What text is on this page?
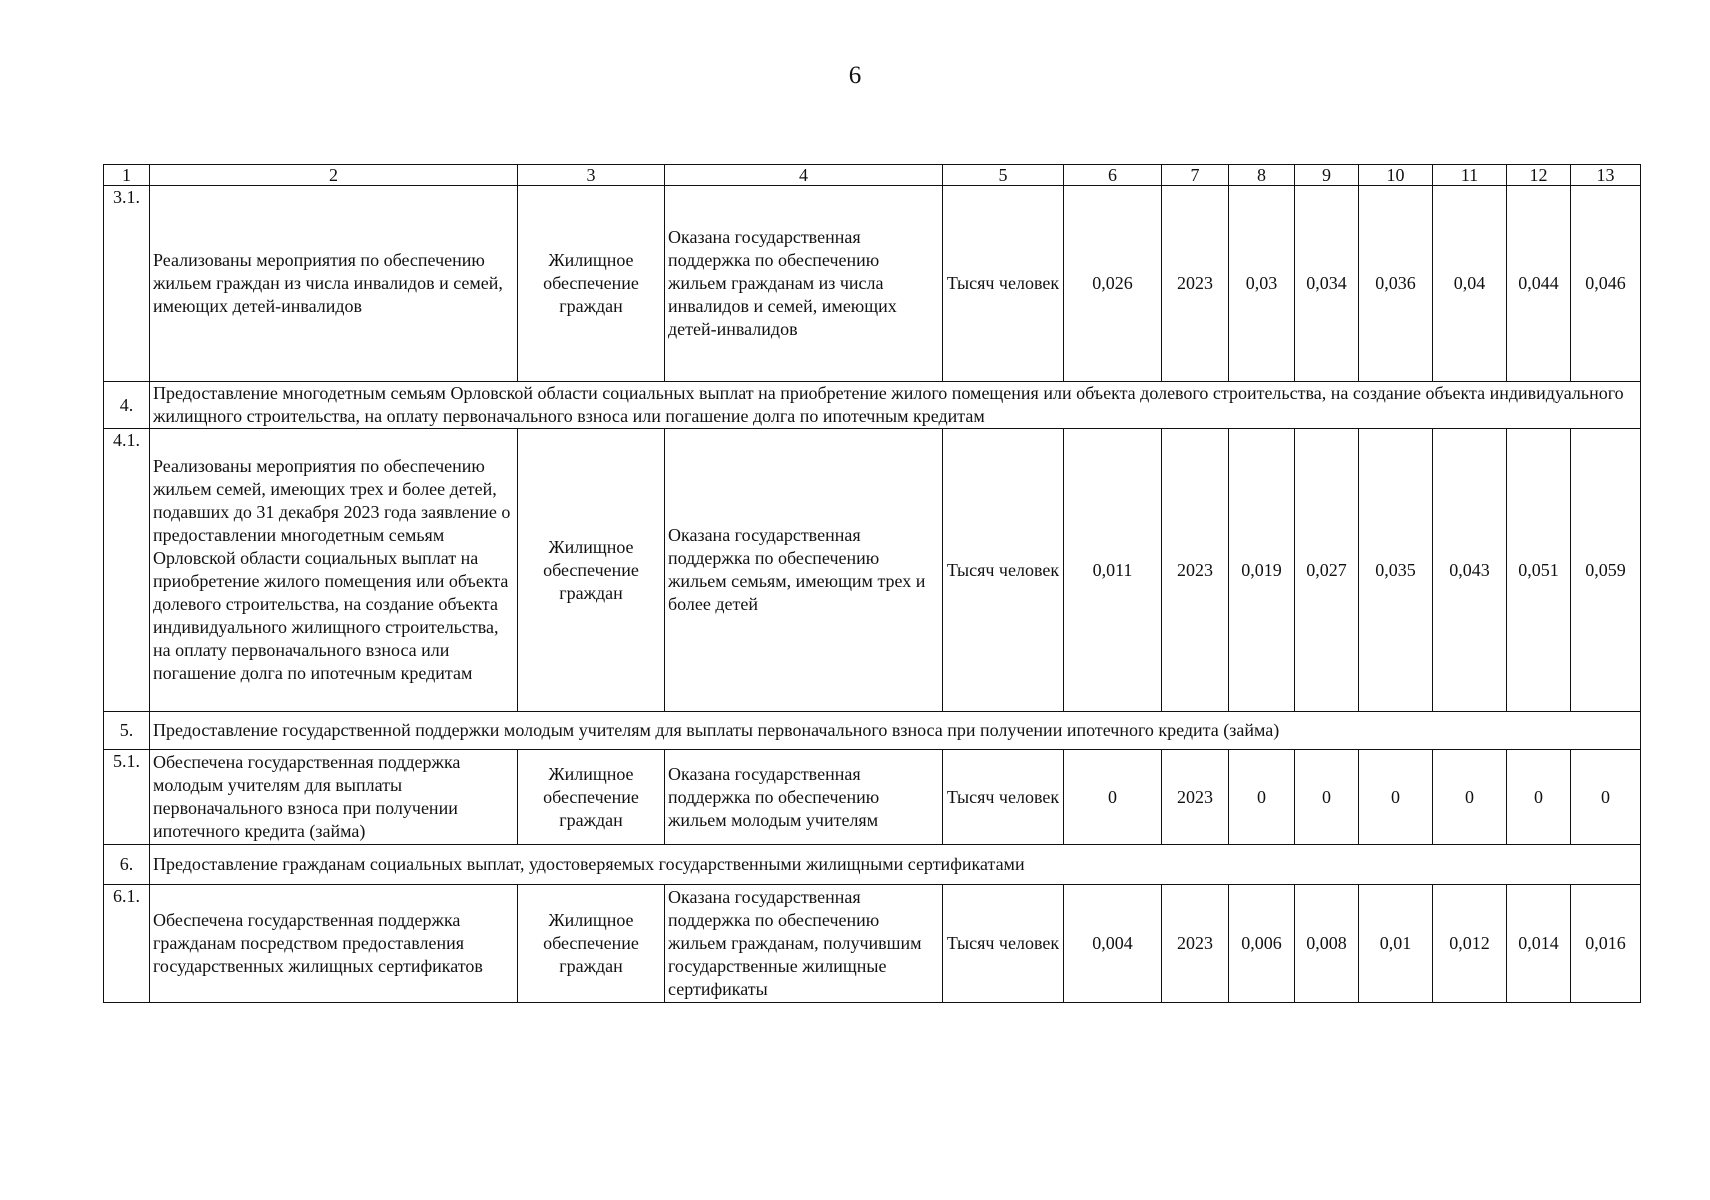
6
1	2	3	4	5	6	7	8	9	10	11	12	13
3.1.	Реализованы мероприятия по обеспечению жильем граждан из числа инвалидов и семей, имеющих детей-инвалидов	Жилищное обеспечение граждан	Оказана государственная поддержка по обеспечению жильем гражданам из числа инвалидов и семей, имеющих детей-инвалидов	Тысяч человек	0,026	2023	0,03	0,034	0,036	0,04	0,044	0,046
4.	Предоставление многодетным семьям Орловской области социальных выплат на приобретение жилого помещения или объекта долевого строительства, на создание объекта индивидуального жилищного строительства, на оплату первоначального взноса или погашение долга по ипотечным кредитам											
4.1.	Реализованы мероприятия по обеспечению жильем семей, имеющих трех и более детей, подавших до 31 декабря 2023 года заявление о предоставлении многодетным семьям Орловской области социальных выплат на приобретение жилого помещения или объекта долевого строительства, на создание объекта индивидуального жилищного строительства, на оплату первоначального взноса или погашение долга по ипотечным кредитам	Жилищное обеспечение граждан	Оказана государственная поддержка по обеспечению жильем семьям, имеющим трех и более детей	Тысяч человек	0,011	2023	0,019	0,027	0,035	0,043	0,051	0,059
5.	Предоставление государственной поддержки молодым учителям для выплаты первоначального взноса при получении ипотечного кредита (займа)											
5.1.	Обеспечена государственная поддержка молодым учителям для выплаты первоначального взноса при получении ипотечного кредита (займа)	Жилищное обеспечение граждан	Оказана государственная поддержка по обеспечению жильем молодым учителям	Тысяч человек	0	2023	0	0	0	0	0	0
6.	Предоставление гражданам социальных выплат, удостоверяемых государственными жилищными сертификатами											
6.1.	Обеспечена государственная поддержка гражданам посредством предоставления государственных жилищных сертификатов	Жилищное обеспечение граждан	Оказана государственная поддержка по обеспечению жильем гражданам, получившим государственные жилищные сертификаты	Тысяч человек	0,004	2023	0,006	0,008	0,01	0,012	0,014	0,016
